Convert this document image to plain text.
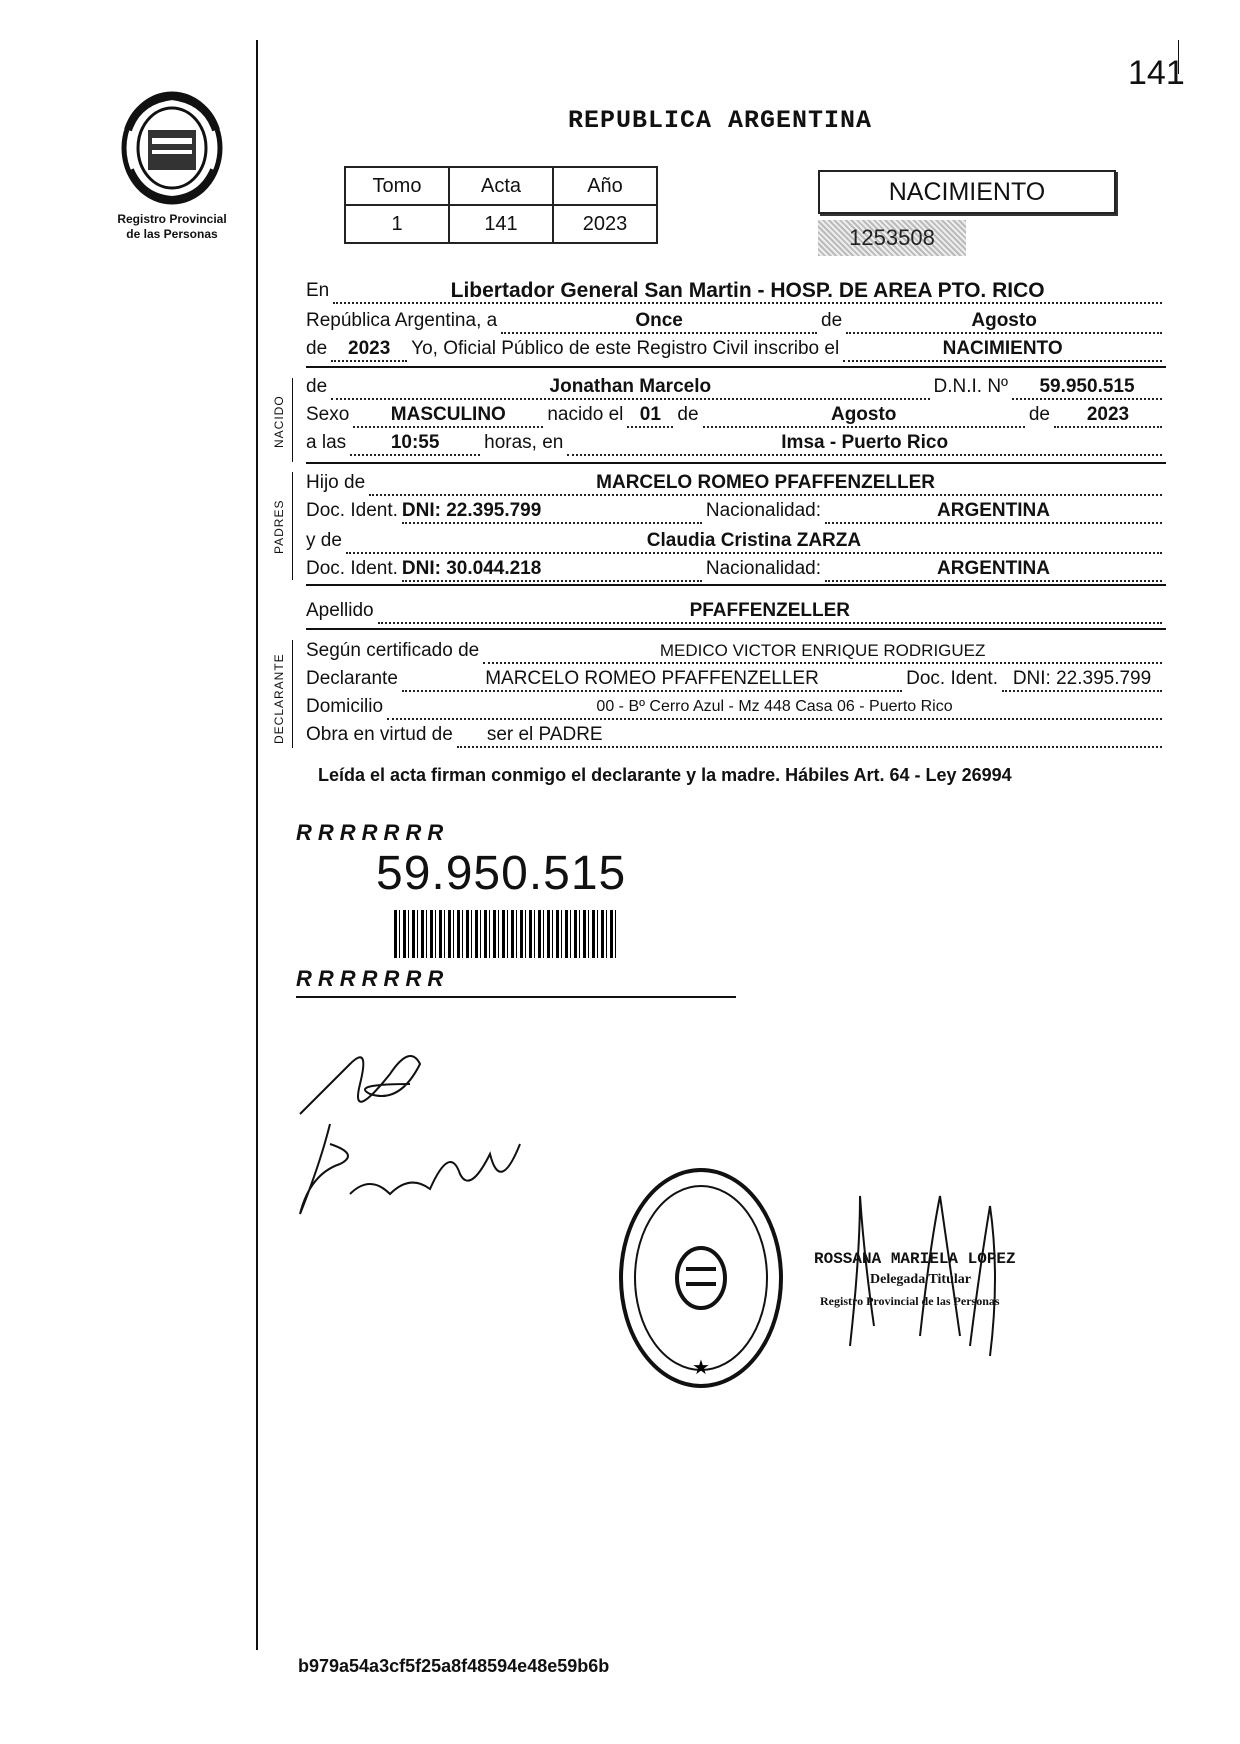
141
Registro Provincial
de las Personas
REPUBLICA ARGENTINA
Tomo	Acta	Año
1	141	2023
NACIMIENTO
1253508
En	Libertador General San Martin - HOSP. DE AREA PTO. RICO
República Argentina, a	Once	de	Agosto
de	2023	Yo, Oficial Público de este Registro Civil inscribo el	NACIMIENTO
NACIDO
de	Jonathan Marcelo	D.N.I. Nº	59.950.515
Sexo	MASCULINO	nacido el 01 de	Agosto	de	2023
a las	10:55	horas, en	Imsa - Puerto Rico
PADRES
Hijo de	MARCELO ROMEO PFAFFENZELLER
Doc. Ident. DNI: 22.395.799	Nacionalidad:	ARGENTINA
y de	Claudia Cristina ZARZA
Doc. Ident. DNI: 30.044.218	Nacionalidad:	ARGENTINA
Apellido	PFAFFENZELLER
DECLARANTE
Según certificado de	MEDICO VICTOR ENRIQUE RODRIGUEZ
Declarante	MARCELO ROMEO PFAFFENZELLER	Doc. Ident. DNI: 22.395.799
Domicilio	00 - Bº Cerro Azul - Mz 448 Casa 06 - Puerto Rico
Obra en virtud de	ser el PADRE
Leída el acta firman conmigo el declarante y la madre. Hábiles Art. 64 - Ley 26994
RRRRRRR
59.950.515
RRRRRRR
★
ROSSANA MARIELA LOPEZ
Delegada Titular
Registro Provincial de las Personas
b979a54a3cf5f25a8f48594e48e59b6b
